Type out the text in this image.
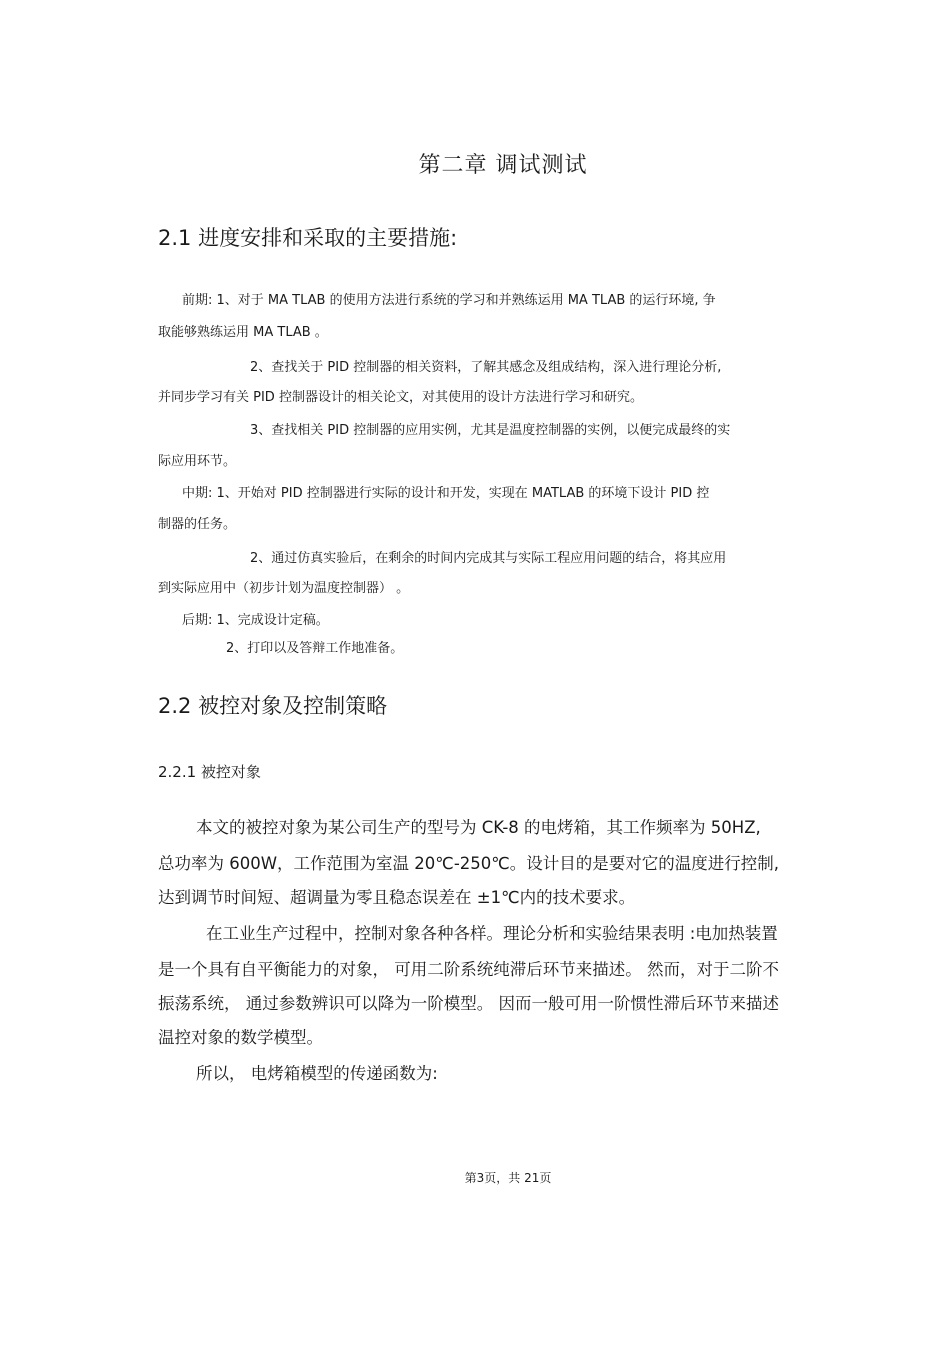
第二章 调试测试
2.1 进度安排和采取的主要措施:
前期: 1、对于 MA TLAB 的使用方法进行系统的学习和并熟练运用 MA TLAB 的运行环境, 争
取能够熟练运用 MA TLAB 。
2、查找关于 PID 控制器的相关资料，了解其感念及组成结构，深入进行理论分析,
并同步学习有关 PID 控制器设计的相关论文，对其使用的设计方法进行学习和研究。
3、查找相关 PID 控制器的应用实例，尤其是温度控制器的实例，以便完成最终的实
际应用环节。
中期: 1、开始对 PID 控制器进行实际的设计和开发，实现在 MATLAB 的环境下设计 PID 控
制器的任务。
2、通过仿真实验后，在剩余的时间内完成其与实际工程应用问题的结合，将其应用
到实际应用中（初步计划为温度控制器） 。
后期: 1、完成设计定稿。
2、打印以及答辩工作地准备。
2.2 被控对象及控制策略
2.2.1 被控对象
本文的被控对象为某公司生产的型号为 CK-8 的电烤箱，其工作频率为 50HZ,
总功率为 600W，工作范围为室温 20℃-250℃。设计目的是要对它的温度进行控制,
达到调节时间短、超调量为零且稳态误差在 ±1℃内的技术要求。
在工业生产过程中，控制对象各种各样。理论分析和实验结果表明 :电加热装置
是一个具有自平衡能力的对象， 可用二阶系统纯滞后环节来描述。 然而，对于二阶不
振荡系统， 通过参数辨识可以降为一阶模型。 因而一般可用一阶惯性滞后环节来描述
温控对象的数学模型。
所以， 电烤箱模型的传递函数为:
第3页，共 21页
